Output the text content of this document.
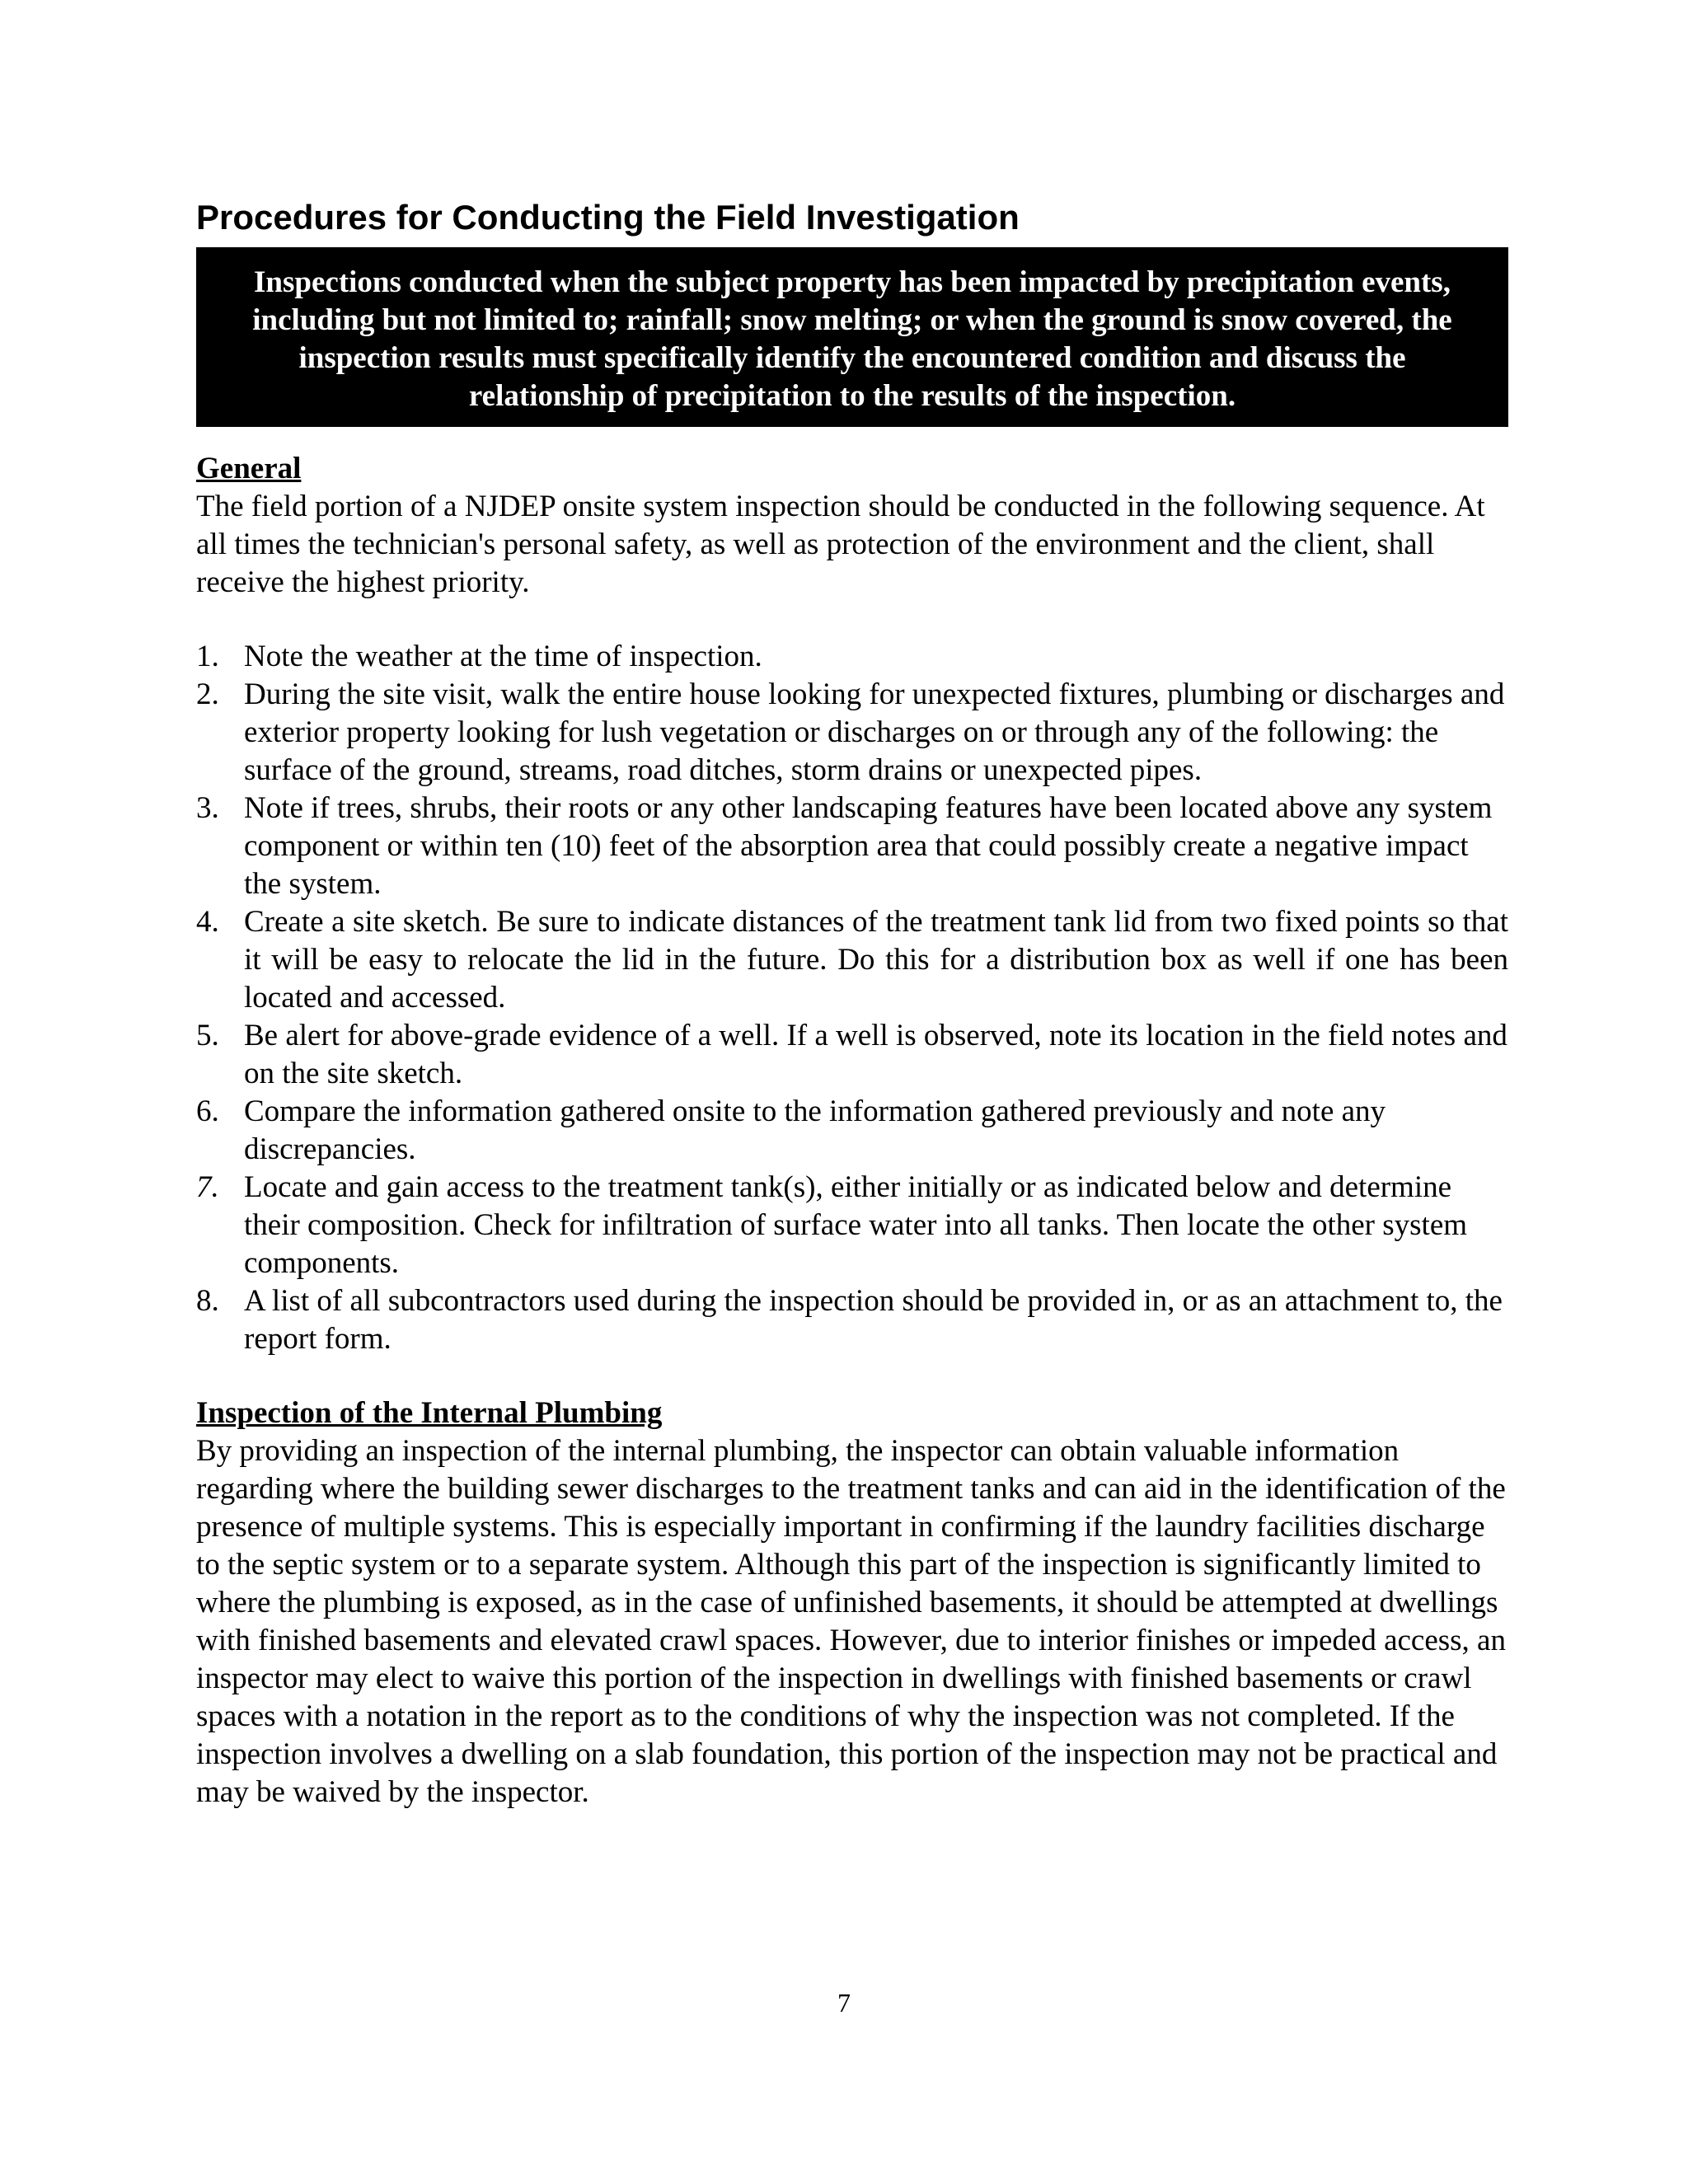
Procedures for Conducting the Field Investigation
Inspections conducted when the subject property has been impacted by precipitation events, including but not limited to; rainfall; snow melting; or when the ground is snow covered, the inspection results must specifically identify the encountered condition and discuss the relationship of precipitation to the results of the inspection.
General

The field portion of a NJDEP onsite system inspection should be conducted in the following sequence. At all times the technician's personal safety, as well as protection of the environment and the client, shall receive the highest priority.

1. Note the weather at the time of inspection.
2. During the site visit, walk the entire house looking for unexpected fixtures, plumbing or discharges and exterior property looking for lush vegetation or discharges on or through any of the following: the surface of the ground, streams, road ditches, storm drains or unexpected pipes.
3. Note if trees, shrubs, their roots or any other landscaping features have been located above any system component or within ten (10) feet of the absorption area that could possibly create a negative impact the system.
4. Create a site sketch. Be sure to indicate distances of the treatment tank lid from two fixed points so that it will be easy to relocate the lid in the future. Do this for a distribution box as well if one has been located and accessed.
5. Be alert for above-grade evidence of a well. If a well is observed, note its location in the field notes and on the site sketch.
6. Compare the information gathered onsite to the information gathered previously and note any discrepancies.
7. Locate and gain access to the treatment tank(s), either initially or as indicated below and determine their composition. Check for infiltration of surface water into all tanks. Then locate the other system components.
8. A list of all subcontractors used during the inspection should be provided in, or as an attachment to, the report form.
Inspection of the Internal Plumbing

By providing an inspection of the internal plumbing, the inspector can obtain valuable information regarding where the building sewer discharges to the treatment tanks and can aid in the identification of the presence of multiple systems. This is especially important in confirming if the laundry facilities discharge to the septic system or to a separate system. Although this part of the inspection is significantly limited to where the plumbing is exposed, as in the case of unfinished basements, it should be attempted at dwellings with finished basements and elevated crawl spaces. However, due to interior finishes or impeded access, an inspector may elect to waive this portion of the inspection in dwellings with finished basements or crawl spaces with a notation in the report as to the conditions of why the inspection was not completed. If the inspection involves a dwelling on a slab foundation, this portion of the inspection may not be practical and may be waived by the inspector.

7
